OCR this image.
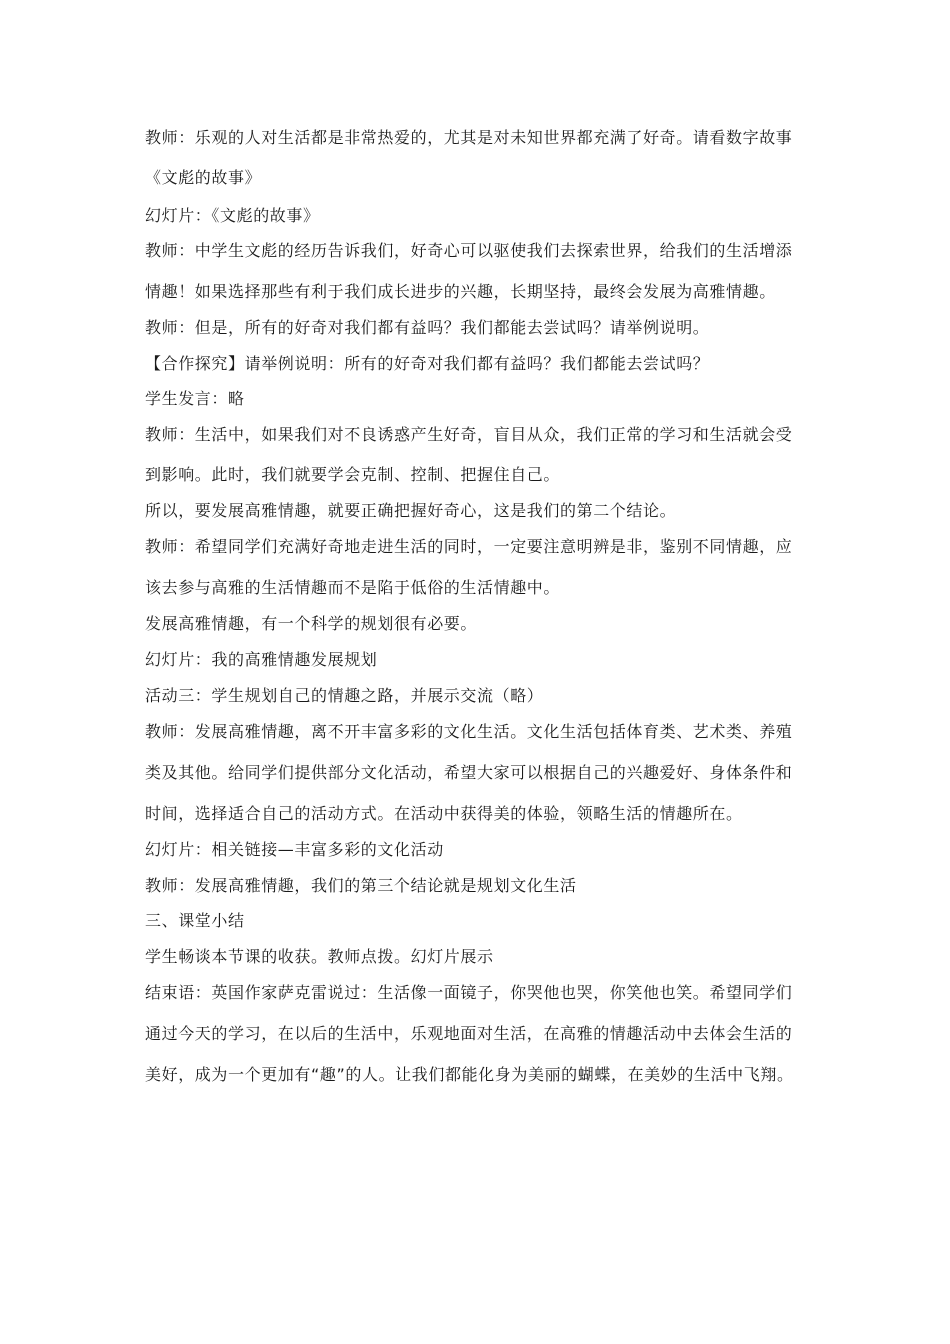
教师：乐观的人对生活都是非常热爱的，尤其是对未知世界都充满了好奇。请看数字故事
《文彪的故事》
幻灯片：《文彪的故事》
教师：中学生文彪的经历告诉我们，好奇心可以驱使我们去探索世界，给我们的生活增添
情趣！如果选择那些有利于我们成长进步的兴趣，长期坚持，最终会发展为高雅情趣。
教师：但是，所有的好奇对我们都有益吗？我们都能去尝试吗？请举例说明。
【合作探究】请举例说明：所有的好奇对我们都有益吗？我们都能去尝试吗？
学生发言：略
教师：生活中，如果我们对不良诱惑产生好奇，盲目从众，我们正常的学习和生活就会受
到影响。此时，我们就要学会克制、控制、把握住自己。
所以，要发展高雅情趣，就要正确把握好奇心，这是我们的第二个结论。
教师：希望同学们充满好奇地走进生活的同时，一定要注意明辨是非，鉴别不同情趣，应
该去参与高雅的生活情趣而不是陷于低俗的生活情趣中。
发展高雅情趣，有一个科学的规划很有必要。
幻灯片：我的高雅情趣发展规划
活动三：学生规划自己的情趣之路，并展示交流（略）
教师：发展高雅情趣，离不开丰富多彩的文化生活。文化生活包括体育类、艺术类、养殖
类及其他。给同学们提供部分文化活动，希望大家可以根据自己的兴趣爱好、身体条件和
时间，选择适合自己的活动方式。在活动中获得美的体验，领略生活的情趣所在。
幻灯片：相关链接—丰富多彩的文化活动
教师：发展高雅情趣，我们的第三个结论就是规划文化生活
三、课堂小结
学生畅谈本节课的收获。教师点拨。幻灯片展示
结束语：英国作家萨克雷说过：生活像一面镜子，你哭他也哭，你笑他也笑。希望同学们
通过今天的学习，在以后的生活中，乐观地面对生活，在高雅的情趣活动中去体会生活的
美好，成为一个更加有“趣”的人。让我们都能化身为美丽的蝴蝶，在美妙的生活中飞翔。
